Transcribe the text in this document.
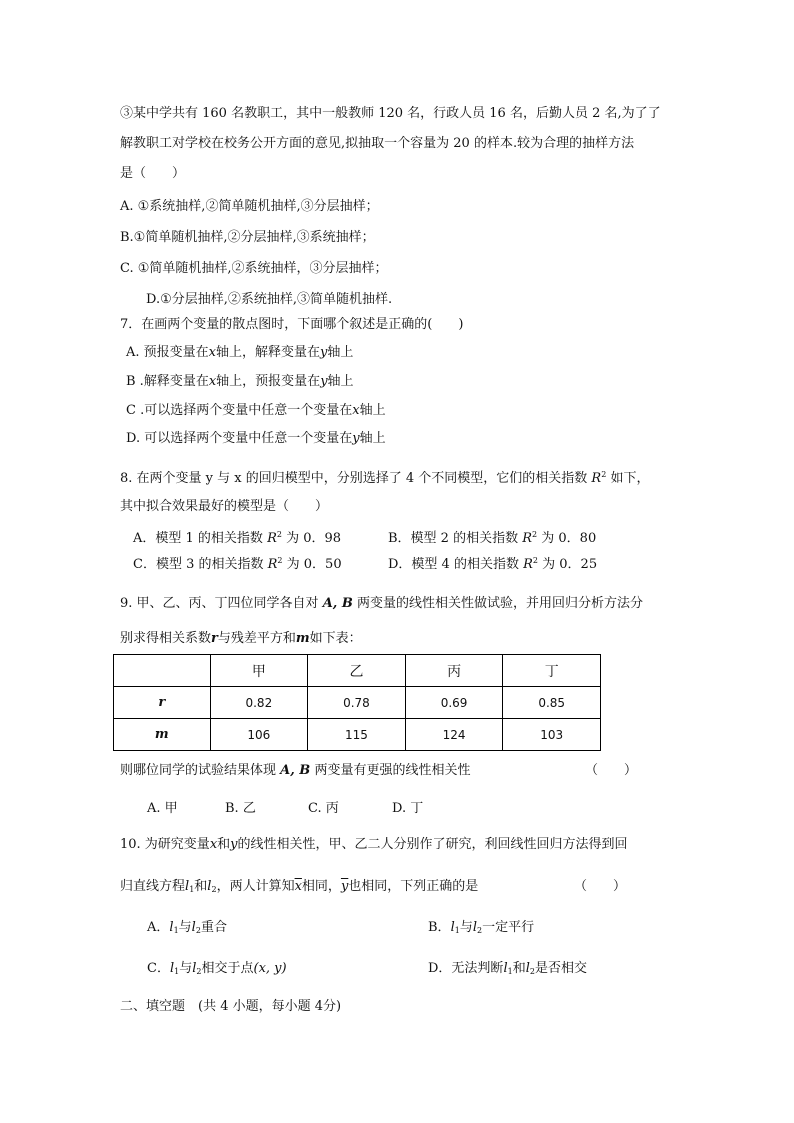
③某中学共有 160 名教职工，其中一般教师 120 名，行政人员 16 名，后勤人员 2 名,为了了
解教职工对学校在校务公开方面的意见,拟抽取一个容量为 20 的样本.较为合理的抽样方法
是（　　）
A. ①系统抽样,②简单随机抽样,③分层抽样；
B.①简单随机抽样,②分层抽样,③系统抽样；
C. ①简单随机抽样,②系统抽样，③分层抽样；
D.①分层抽样,②系统抽样,③简单随机抽样.
7．在画两个变量的散点图时，下面哪个叙述是正确的(　　)
A. 预报变量在x轴上，解释变量在y轴上
B .解释变量在x轴上，预报变量在y轴上
C .可以选择两个变量中任意一个变量在x轴上
D. 可以选择两个变量中任意一个变量在y轴上
8. 在两个变量 y 与 x 的回归模型中，分别选择了 4 个不同模型，它们的相关指数 $R^2$ 如下，
其中拟合效果最好的模型是（　　）
A．模型 1 的相关指数 $R^2$ 为 0．98	B．模型 2 的相关指数 $R^2$ 为 0．80
C．模型 3 的相关指数 $R^2$ 为 0．50	D．模型 4 的相关指数 $R^2$ 为 0．25
9. 甲、乙、丙、丁四位同学各自对 A, B 两变量的线性相关性做试验，并用回归分析方法分
别求得相关系数r与残差平方和m如下表：
	甲	乙	丙	丁
r	0.82	0.78	0.69	0.85
m	106	115	124	103
则哪位同学的试验结果体现 A, B 两变量有更强的线性相关性	（　　）
A. 甲	B. 乙	C. 丙	D. 丁
10. 为研究变量x和y的线性相关性，甲、乙二人分别作了研究，利回线性回归方法得到回
归直线方程$l_1$和$l_2$，两人计算知$\overline{x}$相同，$\overline{y}$也相同，下列正确的是	（　　）
A．$l_1$与$l_2$重合	B．$l_1$与$l_2$一定平行
C．$l_1$与$l_2$相交于点(x, y)	D．无法判断$l_1$和$l_2$是否相交
二、填空题　(共 4 小题，每小题 4分)
